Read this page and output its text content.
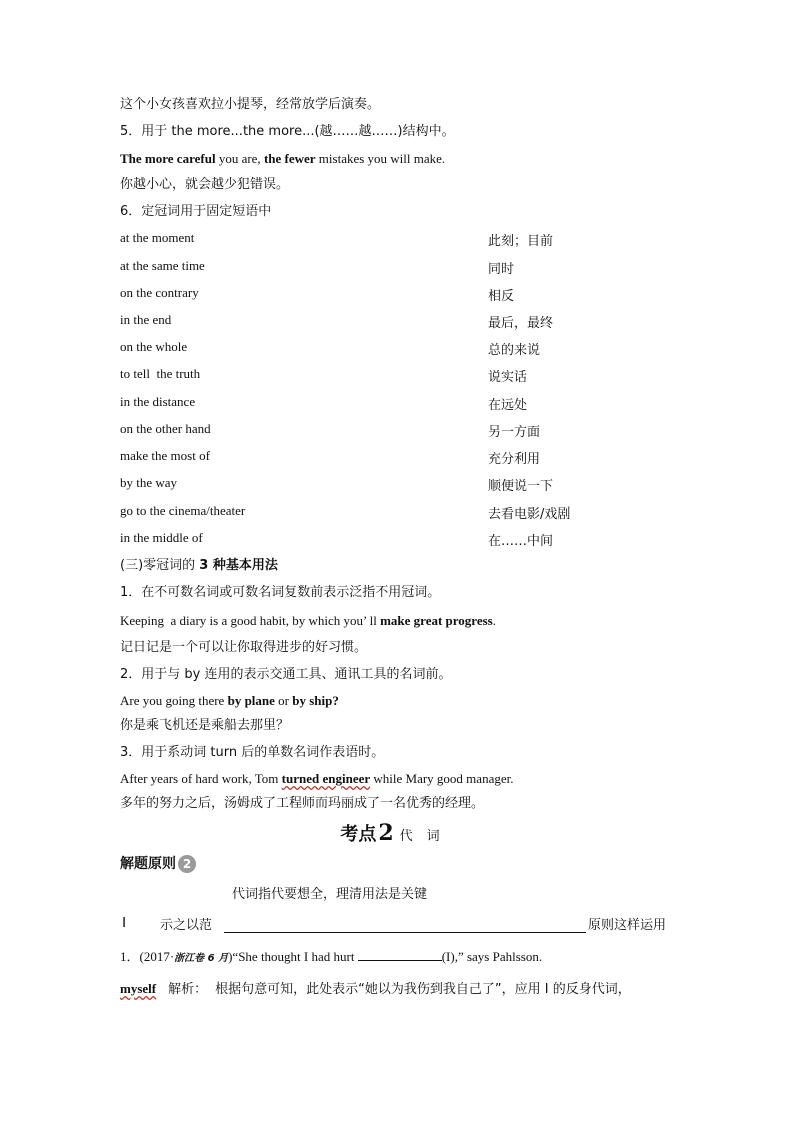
这个小女孩喜欢拉小提琴，经常放学后演奏。
5．用于 the more...the more...(越……越……)结构中。
The more careful you are, the fewer mistakes you will make.
你越小心，就会越少犯错误。
6．定冠词用于固定短语中
at the moment	此刻；目前
at the same time	同时
on the contrary	相反
in the end	最后，最终
on the whole	总的来说
to tell  the truth	说实话
in the distance	在远处
on the other hand	另一方面
make the most of	充分利用
by the way	顺便说一下
go to the cinema/theater	去看电影/戏剧
in the middle of	在……中间
(三)零冠词的 3 种基本用法
1．在不可数名词或可数名词复数前表示泛指不用冠词。
Keeping  a diary is a good habit, by which you’ ll make great progress.
记日记是一个可以让你取得进步的好习惯。
2．用于与 by 连用的表示交通工具、通讯工具的名词前。
Are you going there by plane or by ship?
你是乘飞机还是乘船去那里？
3．用于系动词 turn 后的单数名词作表语时。
After years of hard work, Tom turned engineer while Mary good manager.
多年的努力之后，汤姆成了工程师而玛丽成了一名优秀的经理。
考点2 代词
解题原则 2
代词指代要想全，理清用法是关键
Ⅰ	示之以范	原则这样运用
1．(2017·浙江卷 6 月)“She thought I had hurt	(I),” says Pahlsson.
myself 解析： 根据句意可知，此处表示“她以为我伤到我自己了”，应用 I 的反身代词，
